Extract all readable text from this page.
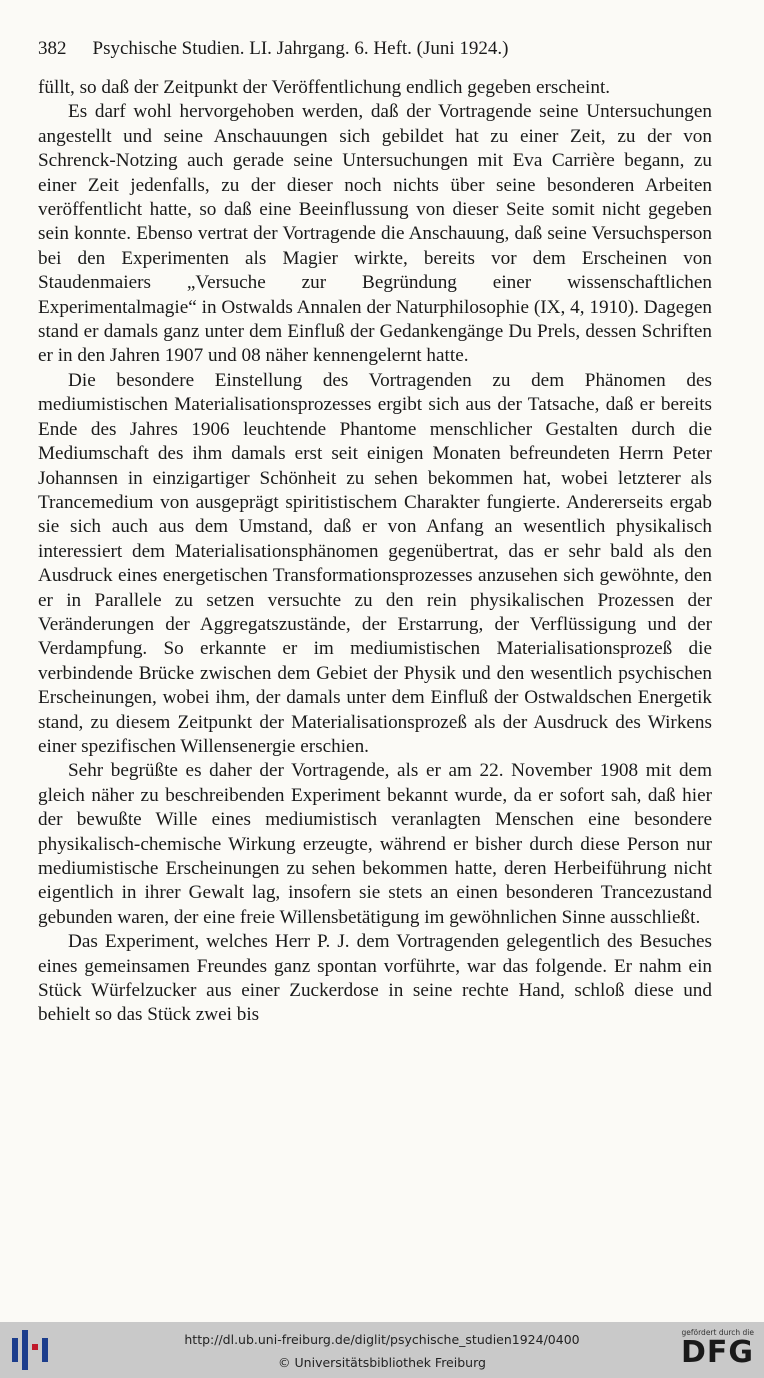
382 Psychische Studien. LI. Jahrgang. 6. Heft. (Juni 1924.)

füllt, so daß der Zeitpunkt der Veröffentlichung endlich gegeben erscheint.

Es darf wohl hervorgehoben werden, daß der Vortragende seine Untersuchungen angestellt und seine Anschauungen sich gebildet hat zu einer Zeit, zu der von Schrenck-Notzing auch gerade seine Untersuchungen mit Eva Carrière begann, zu einer Zeit jedenfalls, zu der dieser noch nichts über seine besonderen Arbeiten veröffentlicht hatte, so daß eine Beeinflussung von dieser Seite somit nicht gegeben sein konnte. Ebenso vertrat der Vortragende die Anschauung, daß seine Versuchsperson bei den Experimenten als Magier wirkte, bereits vor dem Erscheinen von Staudenmaiers „Versuche zur Begründung einer wissenschaftlichen Experimentalmagie“ in Ostwalds Annalen der Naturphilosophie (IX, 4, 1910). Dagegen stand er damals ganz unter dem Einfluß der Gedankengänge Du Prels, dessen Schriften er in den Jahren 1907 und 08 näher kennengelernt hatte.

Die besondere Einstellung des Vortragenden zu dem Phänomen des mediumistischen Materialisationsprozesses ergibt sich aus der Tatsache, daß er bereits Ende des Jahres 1906 leuchtende Phantome menschlicher Gestalten durch die Mediumschaft des ihm damals erst seit einigen Monaten befreundeten Herrn Peter Johannsen in einzigartiger Schönheit zu sehen bekommen hat, wobei letzterer als Trancemedium von ausgeprägt spiritistischem Charakter fungierte. Andererseits ergab sie sich auch aus dem Umstand, daß er von Anfang an wesentlich physikalisch interessiert dem Materialisationsphänomen gegenübertrat, das er sehr bald als den Ausdruck eines energetischen Transformationsprozesses anzusehen sich gewöhnte, den er in Parallele zu setzen versuchte zu den rein physikalischen Prozessen der Veränderungen der Aggregatszustände, der Erstarrung, der Verflüssigung und der Verdampfung. So erkannte er im mediumistischen Materialisationsprozeß die verbindende Brücke zwischen dem Gebiet der Physik und den wesentlich psychischen Erscheinungen, wobei ihm, der damals unter dem Einfluß der Ostwaldschen Energetik stand, zu diesem Zeitpunkt der Materialisationsprozeß als der Ausdruck des Wirkens einer spezifischen Willensenergie erschien.

Sehr begrüßte es daher der Vortragende, als er am 22. November 1908 mit dem gleich näher zu beschreibenden Experiment bekannt wurde, da er sofort sah, daß hier der bewußte Wille eines mediumistisch veranlagten Menschen eine besondere physikalisch-chemische Wirkung erzeugte, während er bisher durch diese Person nur mediumistische Erscheinungen zu sehen bekommen hatte, deren Herbeiführung nicht eigentlich in ihrer Gewalt lag, insofern sie stets an einen besonderen Trancezustand gebunden waren, der eine freie Willensbetätigung im gewöhnlichen Sinne ausschließt.

Das Experiment, welches Herr P. J. dem Vortragenden gelegentlich des Besuches eines gemeinsamen Freundes ganz spontan vorführte, war das folgende. Er nahm ein Stück Würfelzucker aus einer Zuckerdose in seine rechte Hand, schloß diese und behielt so das Stück zwei bis

http://dl.ub.uni-freiburg.de/diglit/psychische_studien1924/0400
© Universitätsbibliothek Freiburg
gefördert durch die
DFG
